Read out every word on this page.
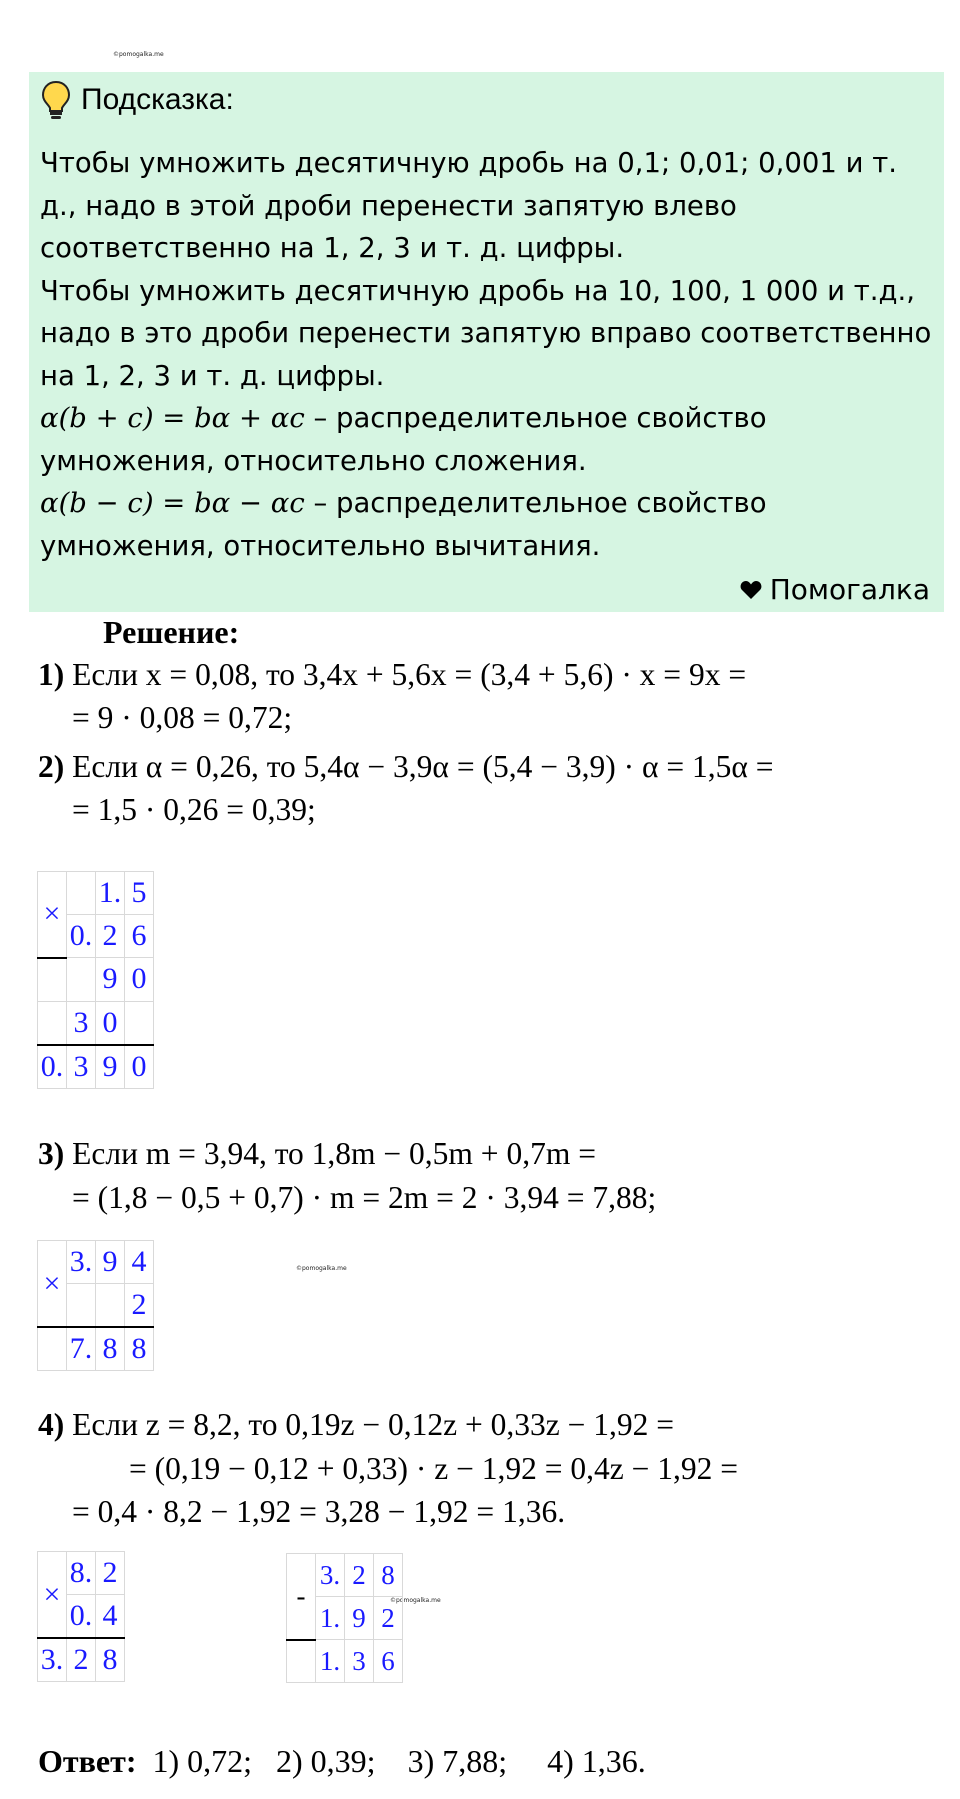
©pomogalka.me
©pomogalka.me
©pomogalka.me
Подсказка:
Чтобы умножить десятичную дробь на 0,1; 0,01; 0,001 и т.
д., надо в этой дроби перенести запятую влево
соответственно на 1, 2, 3 и т. д. цифры.
Чтобы умножить десятичную дробь на 10, 100, 1 000 и т.д.,
надо в это дроби перенести запятую вправо соответственно
на 1, 2, 3 и т. д. цифры.
α(b + c) = bα + αc – распределительное свойство
умножения, относительно сложения.
α(b − c) = bα − αc – распределительное свойство
умножения, относительно вычитания.
Помогалка
Решение:
1) Если x = 0,08, то 3,4x + 5,6x = (3,4 + 5,6) · x = 9x =
= 9 · 0,08 = 0,72;
2) Если α = 0,26, то 5,4α − 3,9α = (5,4 − 3,9) · α = 1,5α =
= 1,5 · 0,26 = 0,39;
×		1.	5
	0.	2	6
		9	0
	3	0	
0.	3	9	0
3) Если m = 3,94, то 1,8m − 0,5m + 0,7m =
= (1,8 − 0,5 + 0,7) · m = 2m = 2 · 3,94 = 7,88;
×	3.	9	4
			2
	7.	8	8
4) Если z = 8,2, то 0,19z − 0,12z + 0,33z − 1,92 =
= (0,19 − 0,12 + 0,33) · z − 1,92 = 0,4z − 1,92 =
= 0,4 · 8,2 − 1,92 = 3,28 − 1,92 = 1,36.
×	8.	2
	0.	4
3.	2	8
-	3.	2	8
	1.	9	2
	1.	3	6
Ответ:  1) 0,72;   2) 0,39;    3) 7,88;     4) 1,36.
